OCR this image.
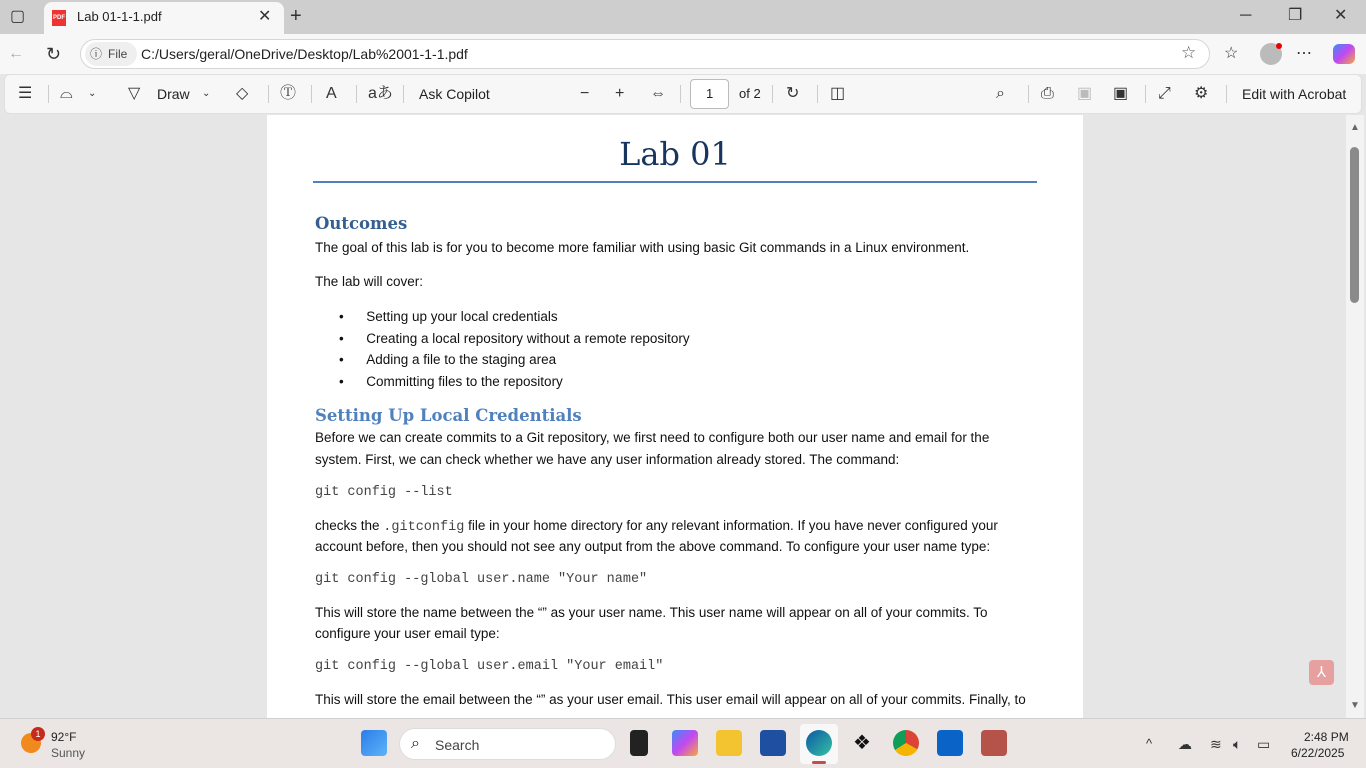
▢	PDF Lab 01-1-1.pdf	✕ +	─ ❐ ✕
← ↻ ⓘ File C:/Users/geral/OneDrive/Desktop/Lab%2001-1-1.pdf	☆ ☆	⋯
☰ ⌓ ⌄ ▽ Draw ⌄ ◇ Ⓣ A aあ Ask Copilot	− + ⇔	1 of 2 ↻ ◫	⌕ ⎙ ▣ ▣ ⤢ ⚙ Edit with Acrobat
Lab 01
Outcomes
The goal of this lab is for you to become more familiar with using basic Git commands in a Linux environment.
The lab will cover:
•      Setting up your local credentials
•      Creating a local repository without a remote repository
•      Adding a file to the staging area
•      Committing files to the repository
Setting Up Local Credentials
Before we can create commits to a Git repository, we first need to configure both our user name and email for the
system. First, we can check whether we have any user information already stored. The command:
git config --list
checks the .gitconfig file in your home directory for any relevant information. If you have never configured your
account before, then you should not see any output from the above command. To configure your user name type:
git config --global user.name "Your name"
This will store the name between the “” as your user name. This user name will appear on all of your commits. To
configure your user email type:
git config --global user.email "Your email"
This will store the email between the “” as your user email. This user email will appear on all of your commits. Finally, to
⅄
▲
▼
1 92°F
Sunny
⌕ Search	❖	^ ☁ ≋ 🔈︎ ▭	2:48 PM
6/22/2025
